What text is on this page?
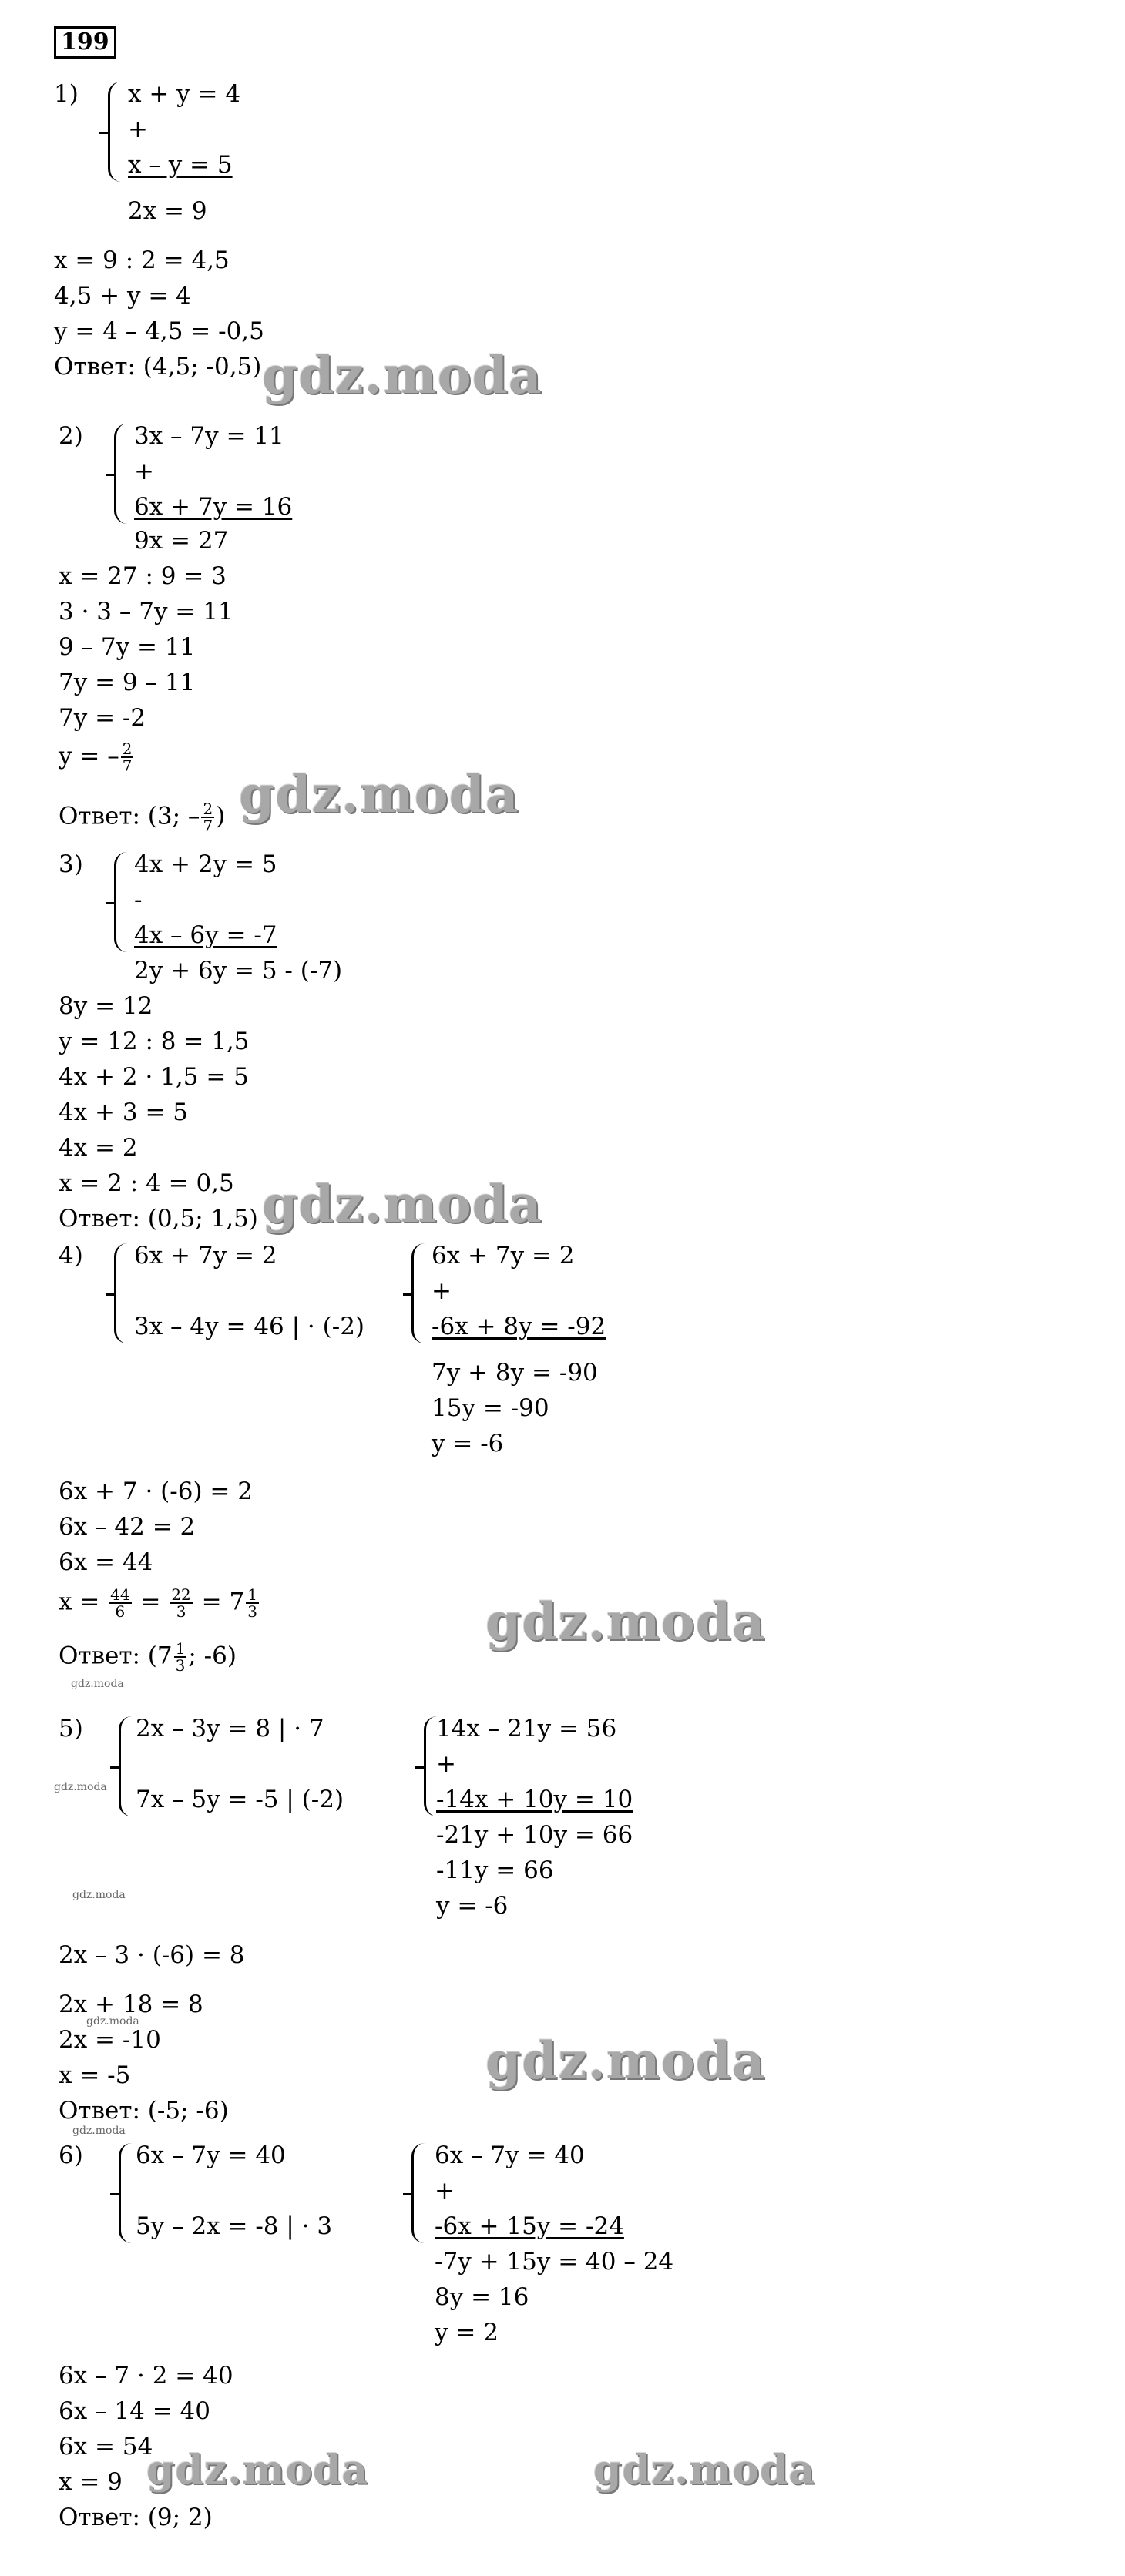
199
1) x + y = 4
+
x – y = 5
2x = 9
x = 9 : 2 = 4,5
4,5 + y = 4
y = 4 – 4,5 = -0,5
Ответ: (4,5; -0,5) gdz.moda
2) 3x – 7y = 11
+
6x + 7y = 16
9x = 27
x = 27 : 9 = 3
3 · 3 – 7y = 11
9 – 7y = 11
7y = 9 – 11
7y = -2
y = – $\frac{2}{7}$
Ответ: (3; – $\frac{2}{7}$ ) gdz.moda
3) 4x + 2y = 5
-
4x – 6y = -7
2y + 6y = 5 - (-7)
8y = 12
y = 12 : 8 = 1,5
4x + 2 · 1,5 = 5
4x + 3 = 5
4x = 2
x = 2 : 4 = 0,5
Ответ: (0,5; 1,5) gdz.moda
4) 6x + 7y = 2
3x – 4y = 46 | · (-2)
6x + 7y = 2
+
-6x + 8y = -92
7y + 8y = -90
15y = -90
y = -6
6x + 7 · (-6) = 2
6x – 42 = 2
6x = 44
$x = \frac{44}{6} = \frac{22}{3} = 7 \frac{1}{3}$
Ответ: ($7 \frac{1}{3}$ ; -6)
gdz.moda
gdz.moda
5) 2x – 3y = 8 | · 7
7x – 5y = -5 | (-2)
gdz.moda
14x – 21y = 56
+
-14x + 10y = 10
-21y + 10y = 66
-11y = 66
y = -6
gdz.moda
2x – 3 · (-6) = 8
2x + 18 = 8
gdz.moda
2x = -10
x = -5
Ответ: (-5; -6)
gdz.moda
gdz.moda
6) 6x – 7y = 40
5y – 2x = -8 | · 3
6x – 7y = 40
+
-6x + 15y = -24
-7y + 15y = 40 – 24
8y = 16
y = 2
6x – 7 · 2 = 40
6x – 14 = 40
6x = 54
x = 9
Ответ: (9; 2)
gdz.moda	gdz.moda
